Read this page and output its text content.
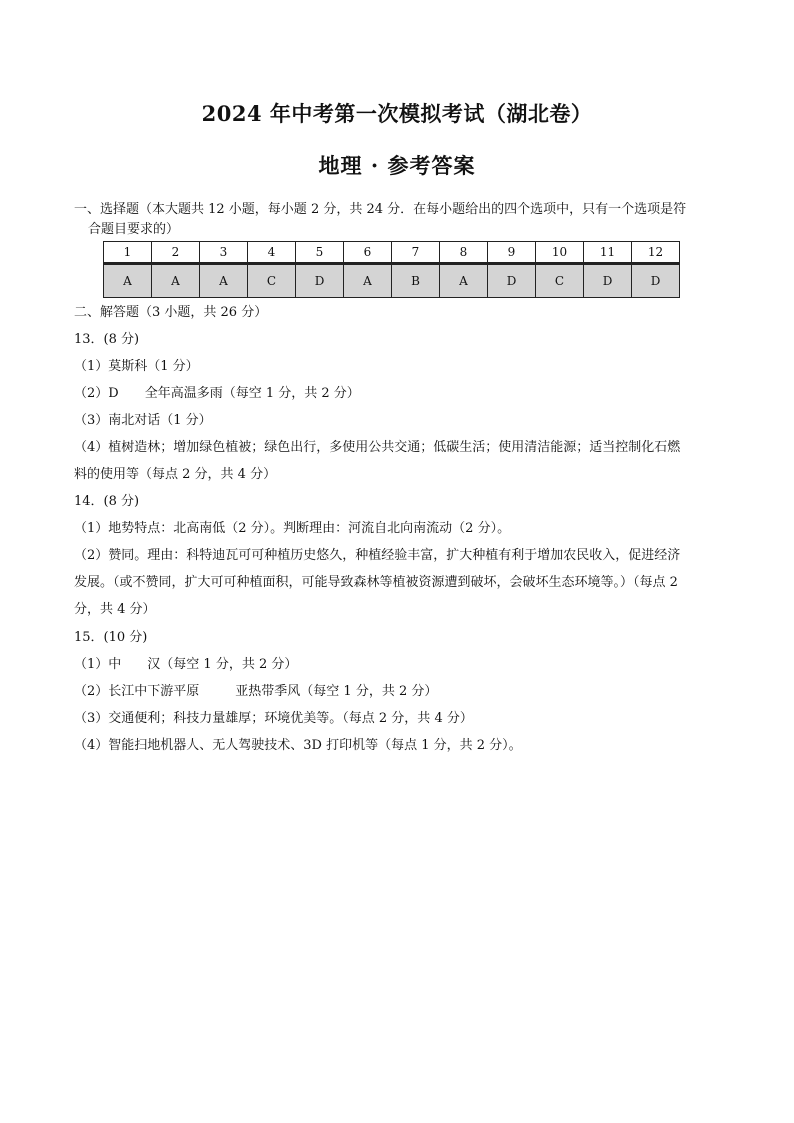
2024 年中考第一次模拟考试（湖北卷）
地理 · 参考答案
一、选择题（本大题共 12 小题，每小题 2 分，共 24 分．在每小题给出的四个选项中，只有一个选项是符
合题目要求的）
1	2	3	4	5	6	7	8	9	10	11	12
A	A	A	C	D	A	B	A	D	C	D	D
二、解答题（3 小题，共 26 分）
13．(8 分)
（1）莫斯科（1 分）
（2）D 全年高温多雨（每空 1 分，共 2 分）
（3）南北对话（1 分）
（4）植树造林；增加绿色植被；绿色出行，多使用公共交通；低碳生活；使用清洁能源；适当控制化石燃
料的使用等（每点 2 分，共 4 分）
14．(8 分)
（1）地势特点：北高南低（2 分）。判断理由：河流自北向南流动（2 分）。
（2）赞同。理由：科特迪瓦可可种植历史悠久，种植经验丰富，扩大种植有利于增加农民收入，促进经济
发展。（或不赞同，扩大可可种植面积，可能导致森林等植被资源遭到破坏，会破坏生态环境等。）（每点 2
分，共 4 分）
15．(10 分)
（1）中 汉（每空 1 分，共 2 分）
（2）长江中下游平原	亚热带季风（每空 1 分，共 2 分）
（3）交通便利；科技力量雄厚；环境优美等。（每点 2 分，共 4 分）
（4）智能扫地机器人、无人驾驶技术、3D 打印机等（每点 1 分，共 2 分）。
